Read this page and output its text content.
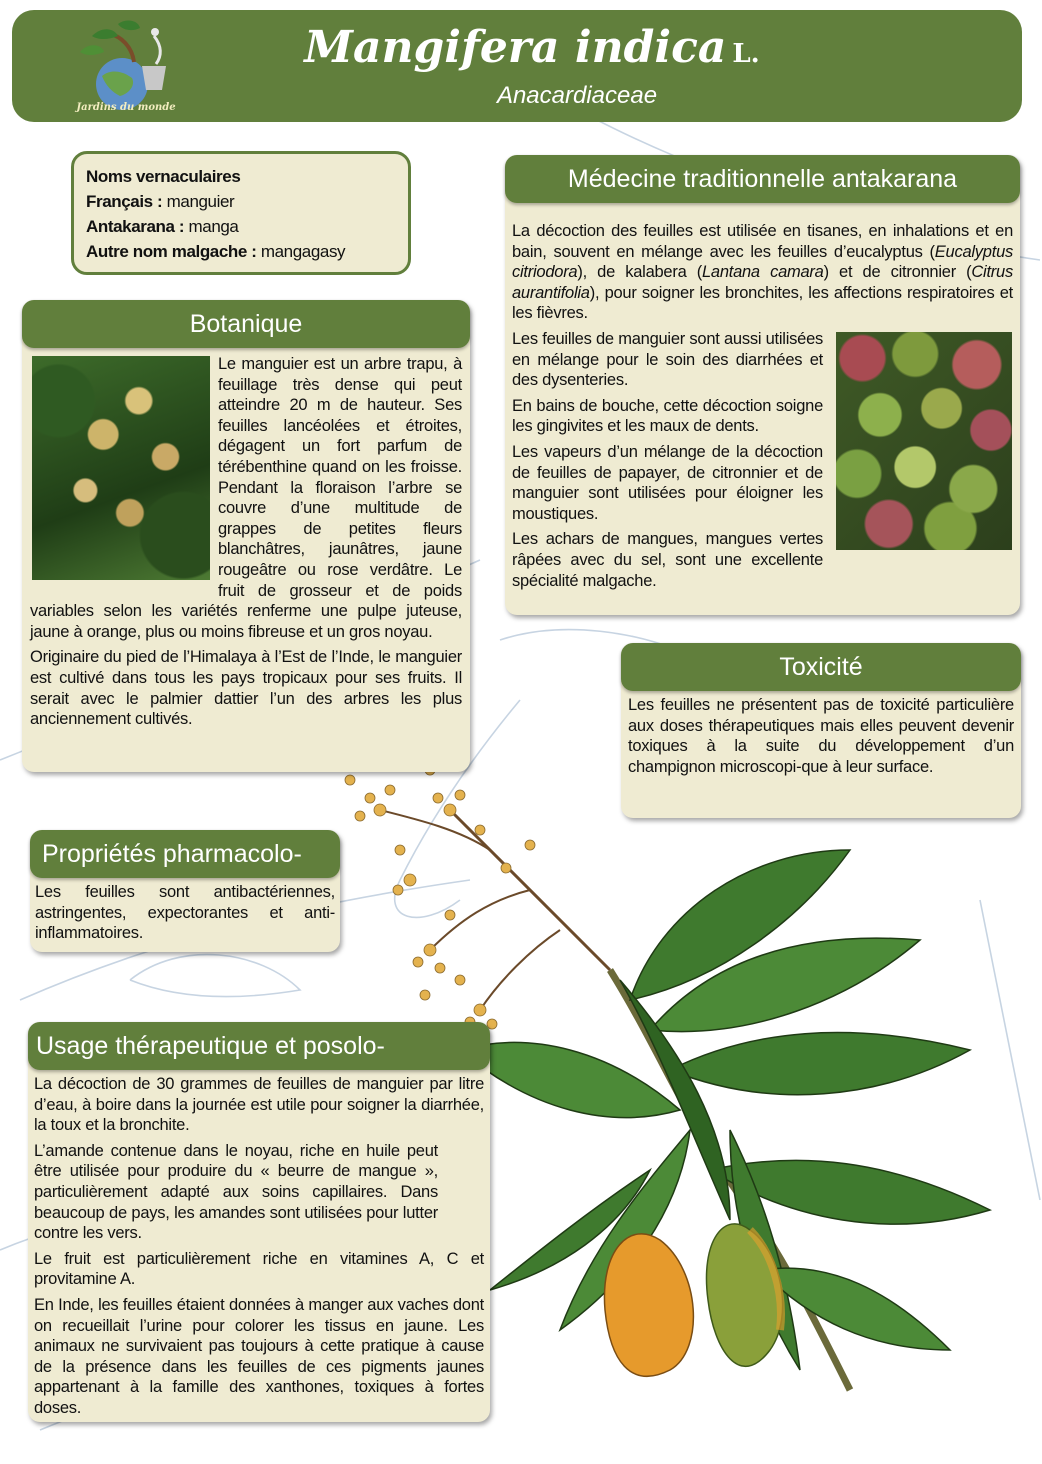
Jardins du monde
Mangifera indica L.
Anacardiaceae
Noms vernaculaires
Français : manguier
Antakarana : manga
Autre nom malgache : mangagasy
Botanique

Le manguier est un arbre trapu, à feuillage très dense qui peut atteindre 20 m de hauteur. Ses feuilles lancéolées et étroites, dégagent un fort parfum de térébenthine quand on les froisse. Pendant la floraison l’arbre se couvre d’une multitude de grappes de petites fleurs blanchâtres, jaunâtres, jaune rougeâtre ou rose verdâtre. Le fruit de grosseur et de poids variables selon les variétés renferme une pulpe juteuse, jaune à orange, plus ou moins fibreuse et un gros noyau.

Originaire du pied de l’Himalaya à l’Est de l’Inde, le manguier est cultivé dans tous les pays tropicaux pour ses fruits. Il serait avec le palmier dattier l’un des arbres les plus anciennement cultivés.

Médecine traditionnelle antakarana

La décoction des feuilles est utilisée en tisanes, en inhalations et en bain, souvent en mélange avec les feuilles d’eucalyptus (Eucalyptus citriodora), de kalabera (Lantana camara) et de citronnier (Citrus aurantifolia), pour soigner les bronchites, les affections respiratoires et les fièvres.

Les feuilles de manguier sont aussi utilisées en mélange pour le soin des diarrhées et des dysenteries.

En bains de bouche, cette décoction soigne les gingivites et les maux de dents.

Les vapeurs d’un mélange de la décoction de feuilles de papayer, de citronnier et de manguier sont utilisées pour éloigner les moustiques.

Les achars de mangues, mangues vertes râpées avec du sel, sont une excellente spécialité malgache.

Toxicité

Les feuilles ne présentent pas de toxicité particulière aux doses thérapeutiques mais elles peuvent devenir toxiques à la suite du développement d’un champignon microscopi-que à leur surface.

Propriétés pharmacolo-

Les feuilles sont antibactériennes, astringentes, expectorantes et anti-inflammatoires.

Usage thérapeutique et posolo-

La décoction de 30 grammes de feuilles de manguier par litre d’eau, à boire dans la journée est utile pour soigner la diarrhée, la toux et la bronchite.

L’amande contenue dans le noyau, riche en huile peut être utilisée pour produire du « beurre de mangue », particulièrement adapté aux soins capillaires. Dans beaucoup de pays, les amandes sont utilisées pour lutter contre les vers.

Le fruit est particulièrement riche en vitamines A, C et provitamine A.

En Inde, les feuilles étaient données à manger aux vaches dont on recueillait l’urine pour colorer les tissus en jaune. Les animaux ne survivaient pas toujours à cette pratique à cause de la présence dans les feuilles de ces pigments jaunes appartenant à la famille des xanthones, toxiques à fortes doses.
